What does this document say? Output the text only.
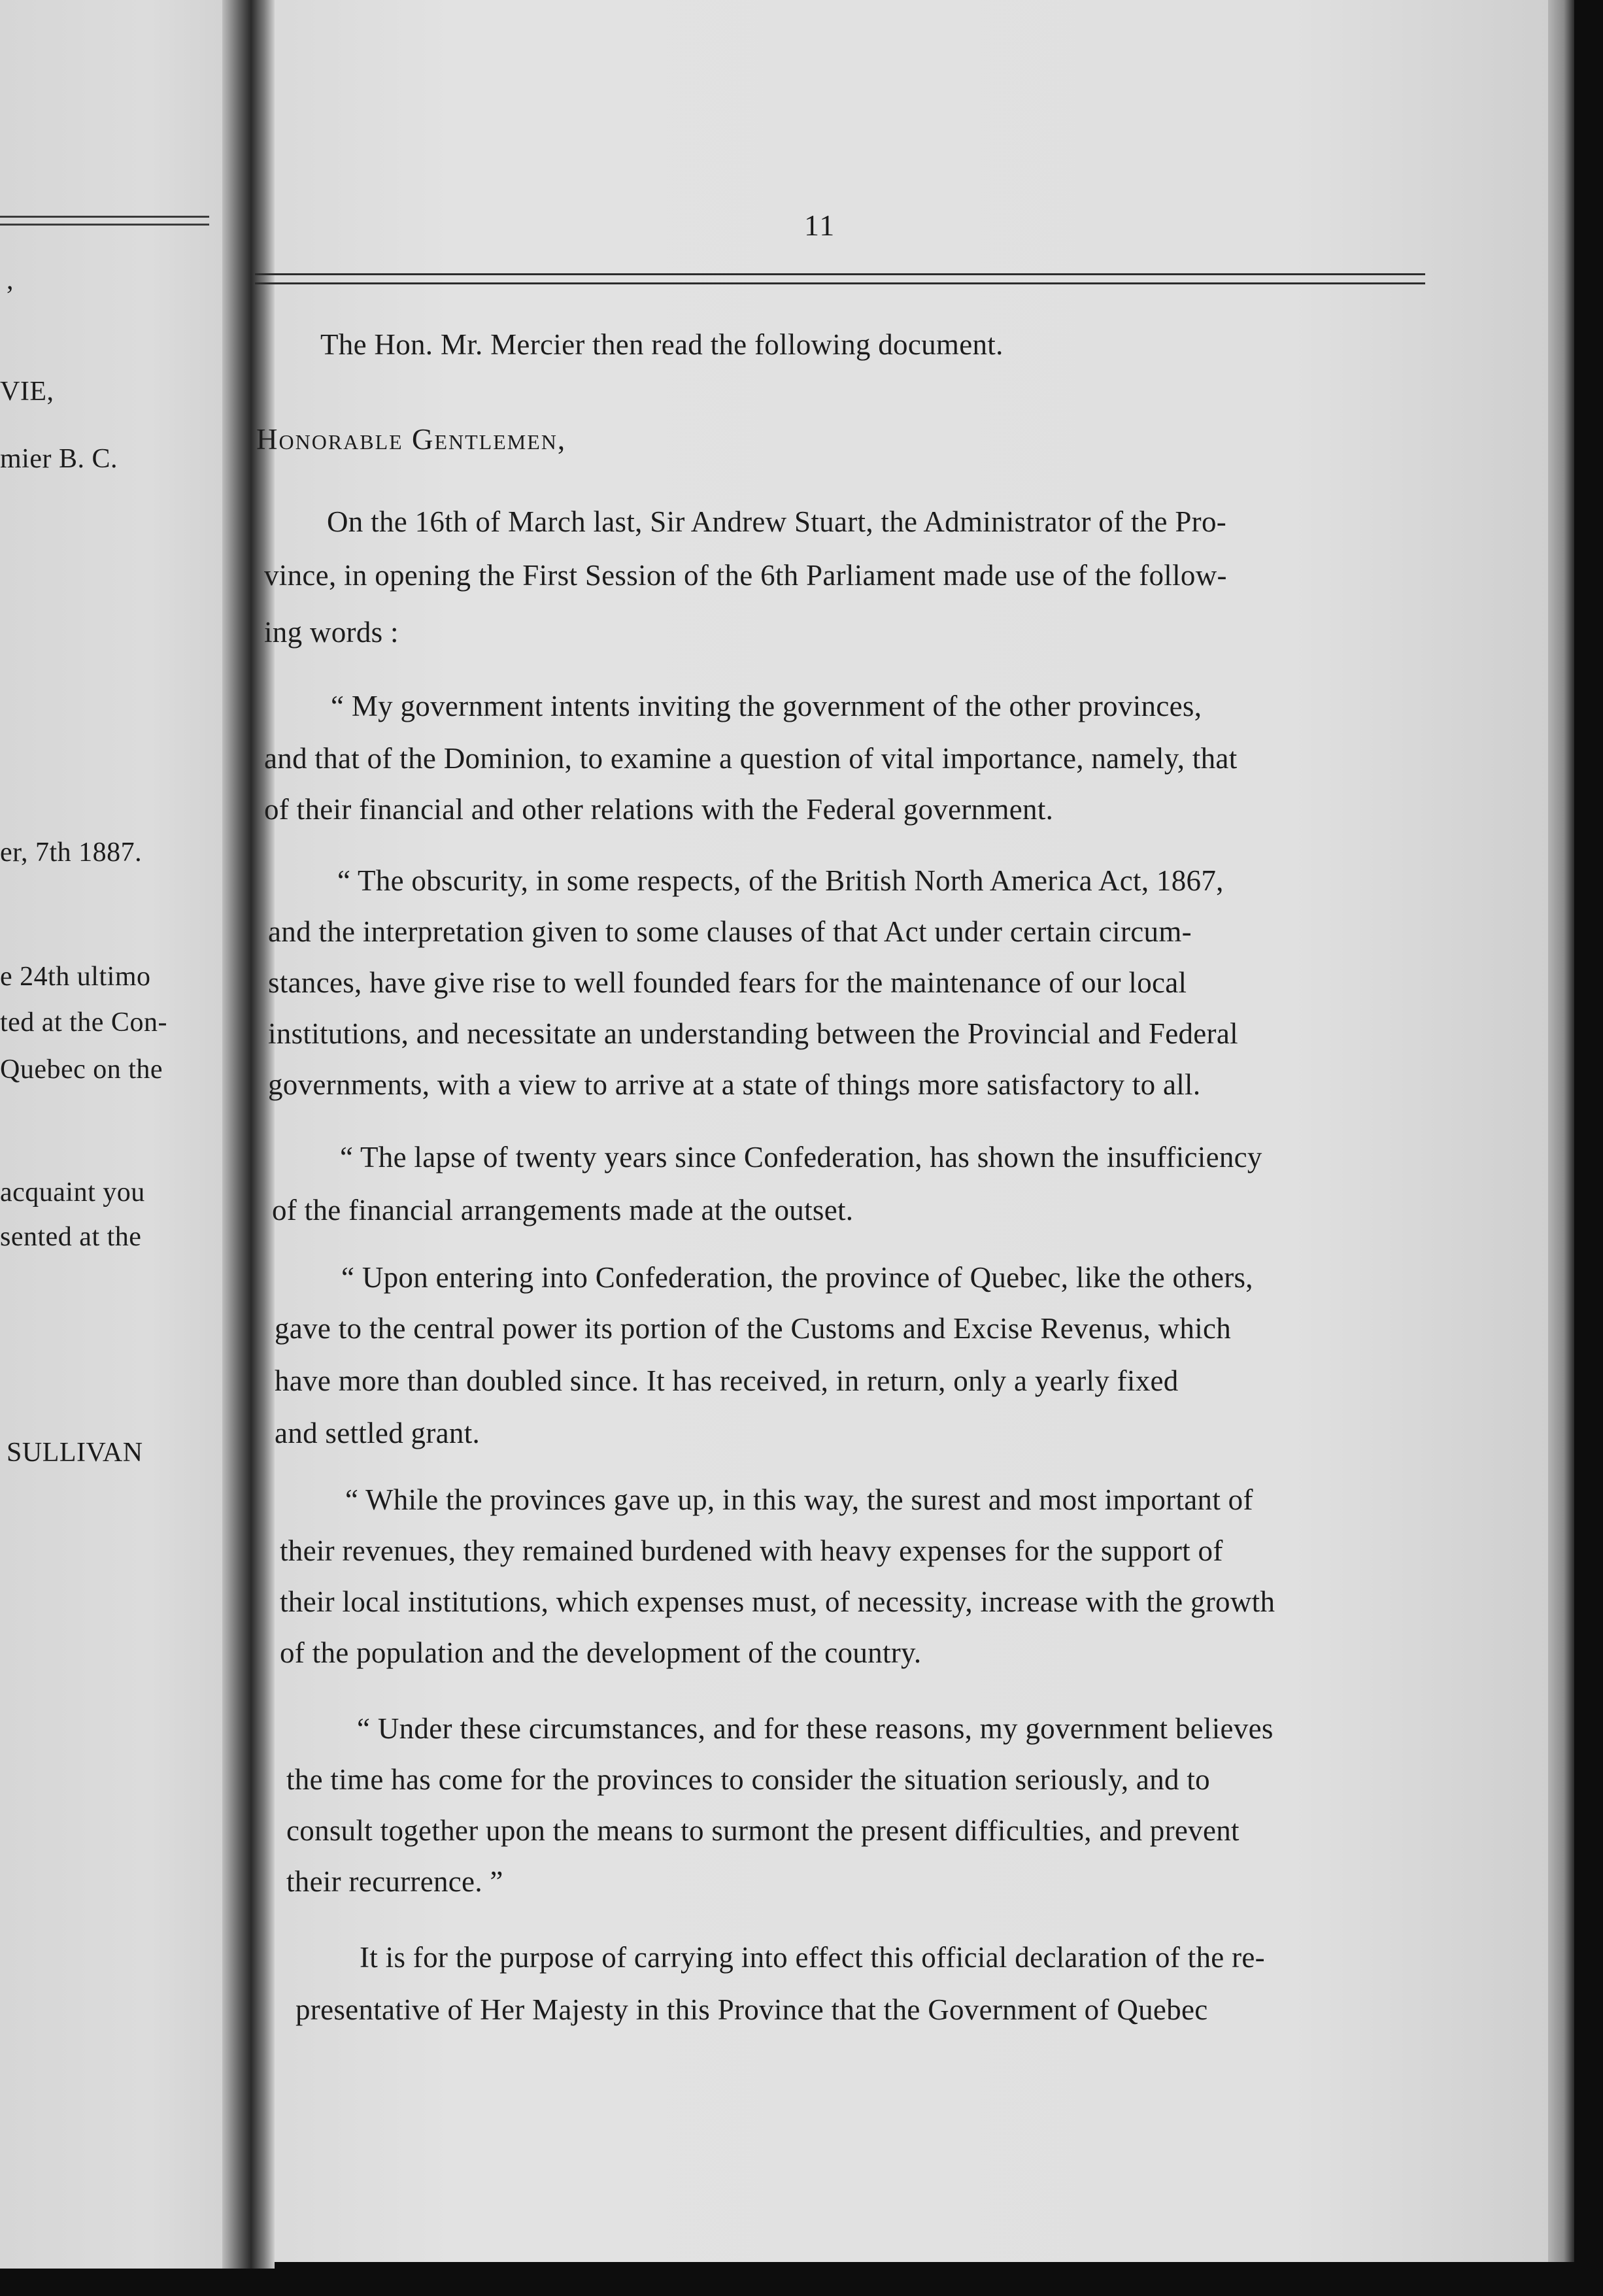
,
VIE,
mier B. C.
er, 7th 1887.
e 24th ultimo
ted at the Con-
Quebec on the
acquaint you
sented at the
SULLIVAN
11
The Hon. Mr. Mercier then read the following document.
Honorable Gentlemen,
On the 16th of March last, Sir Andrew Stuart, the Administrator of the Pro-
vince, in opening the First Session of the 6th Parliament made use of the follow-
ing words :
“ My government intents inviting the government of the other provinces,
and that of the Dominion, to examine a question of vital importance, namely, that
of their financial and other relations with the Federal government.
“ The obscurity, in some respects, of the British North America Act, 1867,
and the interpretation given to some clauses of that Act under certain circum-
stances, have give rise to well founded fears for the maintenance of our local
institutions, and necessitate an understanding between the Provincial and Federal
governments, with a view to arrive at a state of things more satisfactory to all.
“ The lapse of twenty years since Confederation, has shown the insufficiency
of the financial arrangements made at the outset.
“ Upon entering into Confederation, the province of Quebec, like the others,
gave to the central power its portion of the Customs and Excise Revenus, which
have more than doubled since. It has received, in return, only a yearly fixed
and settled grant.
“ While the provinces gave up, in this way, the surest and most important of
their revenues, they remained burdened with heavy expenses for the support of
their local institutions, which expenses must, of necessity, increase with the growth
of the population and the development of the country.
“ Under these circumstances, and for these reasons, my government believes
the time has come for the provinces to consider the situation seriously, and to
consult together upon the means to surmont the present difficulties, and prevent
their recurrence. ”
It is for the purpose of carrying into effect this official declaration of the re-
presentative of Her Majesty in this Province that the Government of Quebec
